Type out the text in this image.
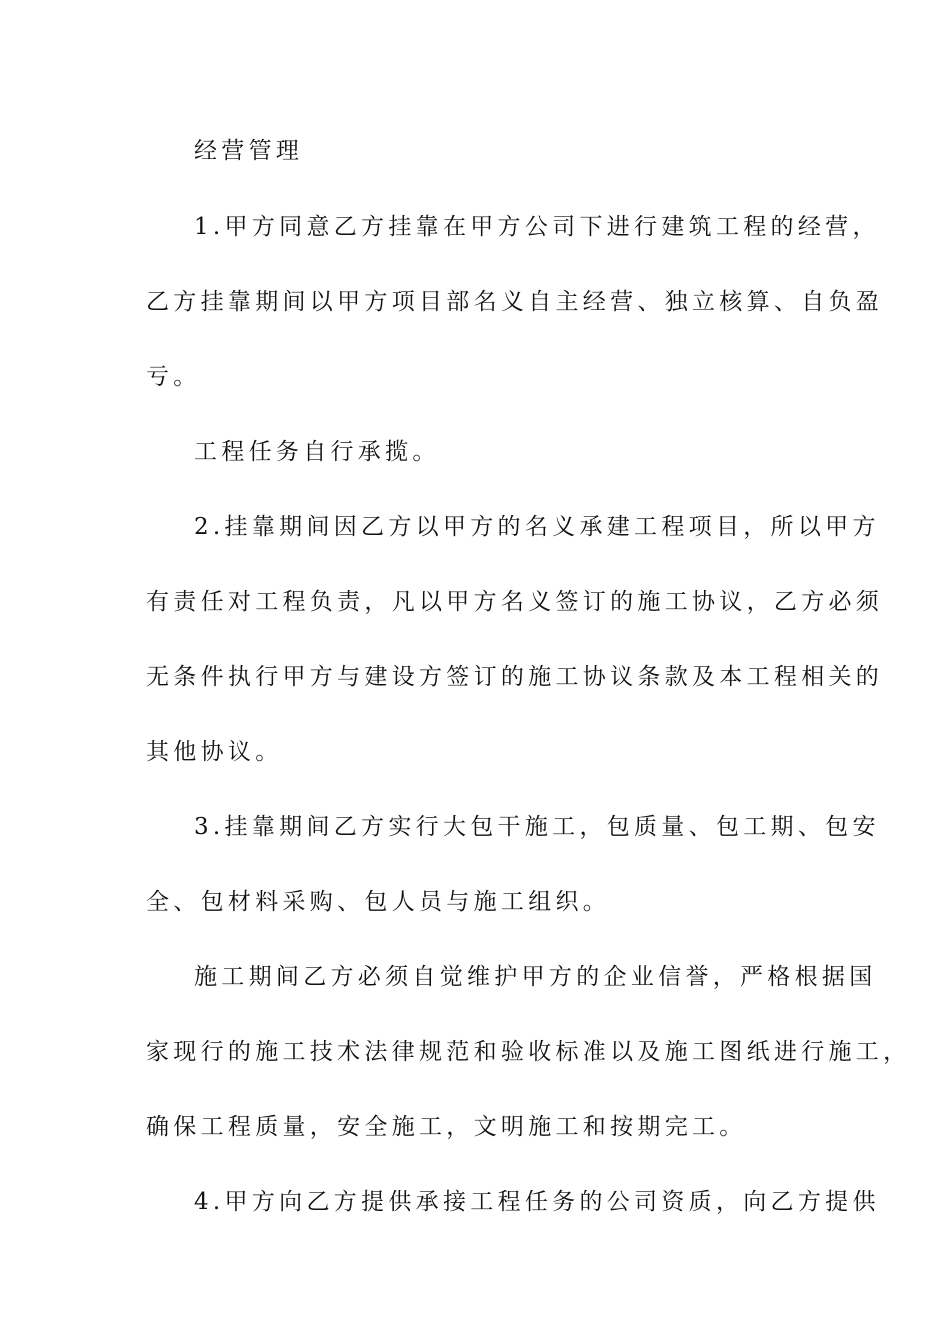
经营管理
1.甲方同意乙方挂靠在甲方公司下进行建筑工程的经营，
乙方挂靠期间以甲方项目部名义自主经营、独立核算、自负盈
亏。
工程任务自行承揽。
2.挂靠期间因乙方以甲方的名义承建工程项目，所以甲方
有责任对工程负责，凡以甲方名义签订的施工协议，乙方必须
无条件执行甲方与建设方签订的施工协议条款及本工程相关的
其他协议。
3.挂靠期间乙方实行大包干施工，包质量、包工期、包安
全、包材料采购、包人员与施工组织。
施工期间乙方必须自觉维护甲方的企业信誉，严格根据国
家现行的施工技术法律规范和验收标准以及施工图纸进行施工，
确保工程质量，安全施工，文明施工和按期完工。
4.甲方向乙方提供承接工程任务的公司资质，向乙方提供
